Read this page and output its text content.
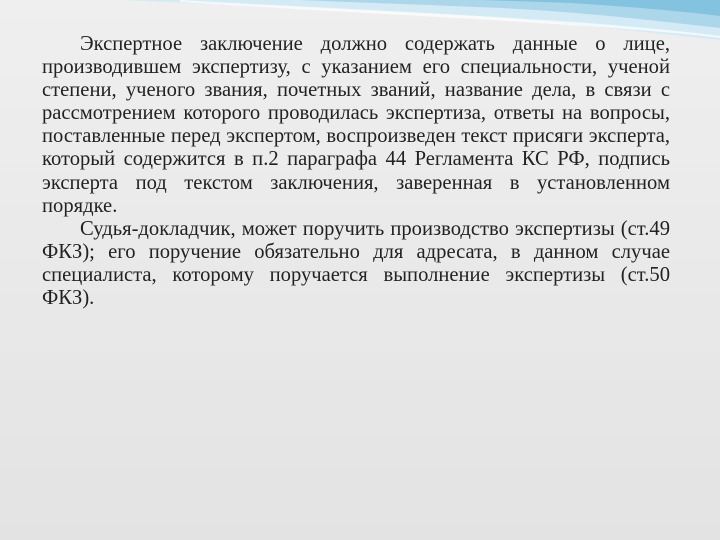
Экспертное заключение должно содержать данные о лице, производившем экспертизу, с указанием его специальности, ученой степени, ученого звания, почетных званий, название дела, в связи с рассмотрением которого проводилась экспертиза, ответы на вопросы, поставленные перед экспертом, воспроизведен текст присяги эксперта, который содержится в п.2 параграфа 44 Регламента КС РФ, подпись эксперта под текстом заключения, заверенная в установленном порядке.

Судья-докладчик, может поручить производство экспертизы (ст.49 ФКЗ); его поручение обязательно для адресата, в данном случае специалиста, которому поручается выполнение экспертизы (ст.50 ФКЗ).
